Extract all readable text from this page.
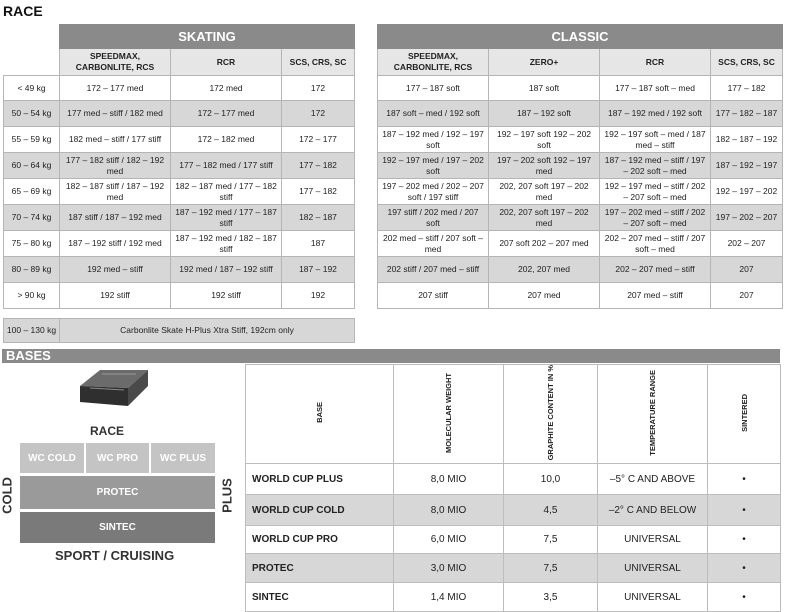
RACE
	SKATING		
	SPEEDMAX, CARBONLITE, RCS	RCR	SCS, CRS, SC
< 49 kg	172 – 177 med	172 med	172
50 – 54 kg	177 med – stiff / 182 med	172 – 177 med	172
55 – 59 kg	182 med – stiff / 177 stiff	172 – 182 med	172 – 177
60 – 64 kg	177 – 182 stiff / 182 – 192 med	177 – 182 med / 177 stiff	177 – 182
65 – 69 kg	182 – 187 stiff / 187 – 192 med	182 – 187 med / 177 – 182 stiff	177 – 182
70 – 74 kg	187 stiff / 187 – 192 med	187 – 192 med / 177 – 187 stiff	182 – 187
75 – 80 kg	187 – 192 stiff / 192 med	187 – 192 med / 182 – 187 stiff	187
80 – 89 kg	192 med – stiff	192 med / 187 – 192 stiff	187 – 192
> 90 kg	192 stiff	192 stiff	192
CLASSIC			
SPEEDMAX, CARBONLITE, RCS	ZERO+	RCR	SCS, CRS, SC
177 – 187 soft	187 soft	177 – 187 soft – med	177 – 182
187 soft – med / 192 soft	187 – 192 soft	187 – 192 med / 192 soft	177 – 182 – 187
187 – 192 med / 192 – 197 soft	192 – 197 soft 192 – 202 soft	192 – 197 soft – med / 187 med – stiff	182 – 187 – 192
192 – 197 med / 197 – 202 soft	197 – 202 soft 192 – 197 med	187 – 192 med – stiff / 197 – 202 soft – med	187 – 192 – 197
197 – 202 med / 202 – 207 soft / 197 stiff	202, 207 soft 197 – 202 med	192 – 197 med – stiff / 202 – 207 soft – med	192 – 197 – 202
197 stiff / 202 med / 207 soft	202, 207 soft 197 – 202 med	197 – 202 med – stiff / 202 – 207 soft – med	197 – 202 – 207
202 med – stiff / 207 soft – med	207 soft 202 – 207 med	202 – 207 med – stiff / 207 soft – med	202 – 207
202 stiff / 207 med – stiff	202, 207 med	202 – 207 med – stiff	207
207 stiff	207 med	207 med – stiff	207
100 – 130 kg	Carbonlite Skate H-Plus Xtra Stiff, 192cm only
BASES
RACE
WC COLD	WC PRO	WC PLUS
PROTEC
SINTEC
COLD	PLUS
SPORT / CRUISING
BASE	MOLECULAR WEIGHT	GRAPHITE CONTENT IN %	TEMPERATURE RANGE	SINTERED
WORLD CUP PLUS	8,0 MIO	10,0	–5° C AND ABOVE	•
WORLD CUP COLD	8,0 MIO	4,5	–2° C AND BELOW	•
WORLD CUP PRO	6,0 MIO	7,5	UNIVERSAL	•
PROTEC	3,0 MIO	7,5	UNIVERSAL	•
SINTEC	1,4 MIO	3,5	UNIVERSAL	•
